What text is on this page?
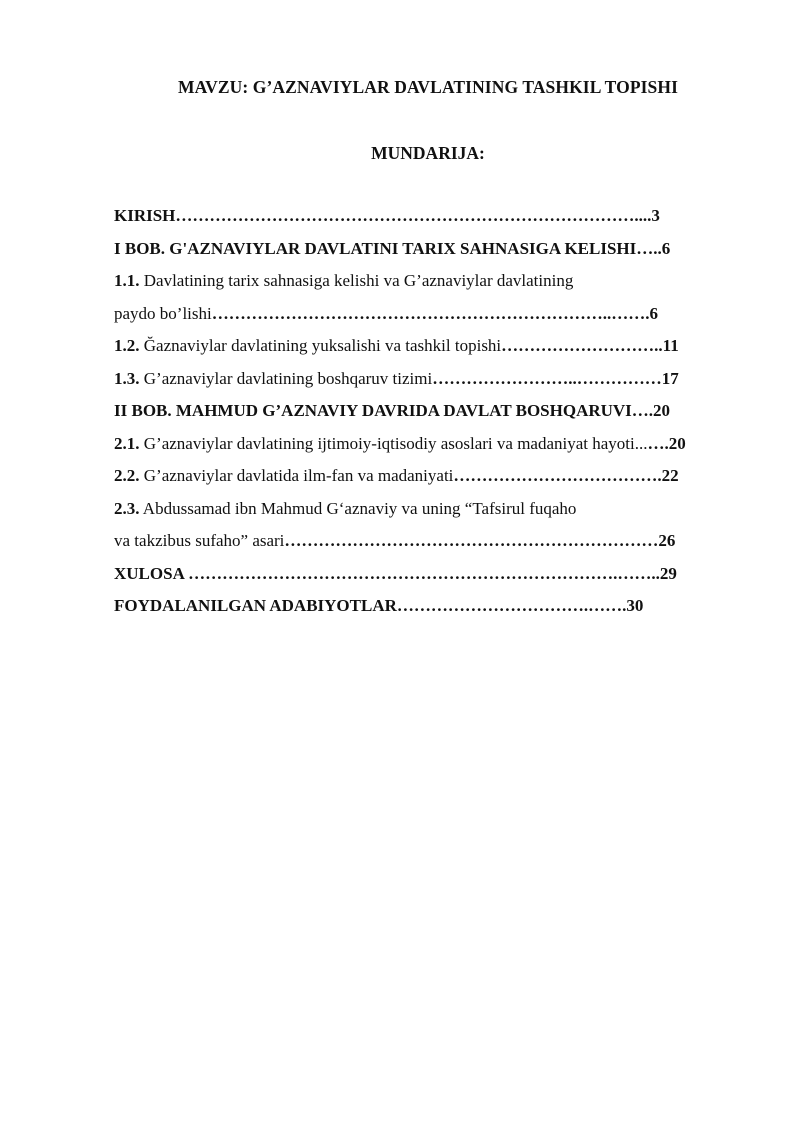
MAVZU: G’AZNAVIYLAR DAVLATINING TASHKIL TOPISHI
MUNDARIJA:
KIRISH………………………………………………………………………....3
I BOB. G'AZNAVIYLAR DAVLATINI TARIX SAHNASIGA KELISHI…..6
1.1. Davlatining tarix sahnasiga kelishi va G’aznaviylar davlatining
paydo bo’lishi……………………………………………………………..…….6
1.2. Ğaznaviylar davlatining yuksalishi va tashkil topishi………………………..11
1.3. G’aznaviylar davlatining boshqaruv tizimi……………………..……………17
II BOB. MAHMUD G’AZNAVIY DAVRIDA DAVLAT BOSHQARUVI….20
2.1. G’aznaviylar davlatining ijtimoiy-iqtisodiy asoslari va madaniyat hayoti...….20
2.2. G’aznaviylar davlatida ilm-fan va madaniyati……………………………….22
2.3. Abdussamad ibn Mahmud G‘aznaviy va uning “Tafsirul fuqaho
va takzibus sufaho” asari…………………………………………………………26
XULOSA ………………………………………………………………….……..29
FOYDALANILGAN ADABIYOTLAR…………………………….…….30
